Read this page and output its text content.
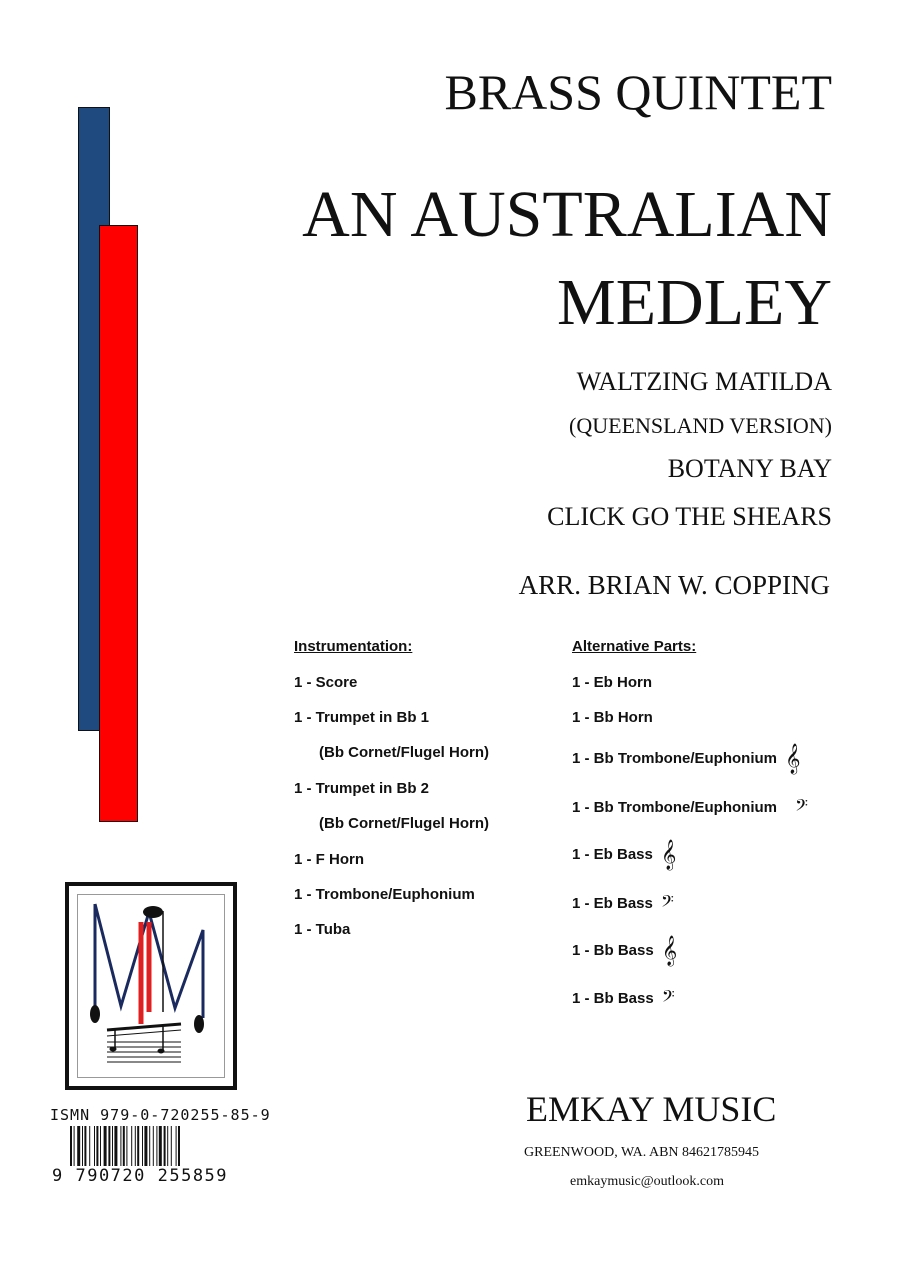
BRASS QUINTET
AN AUSTRALIAN
MEDLEY
WALTZING MATILDA
(QUEENSLAND VERSION)
BOTANY BAY
CLICK GO THE SHEARS
ARR. BRIAN W. COPPING
Instrumentation:
1 - Score
1 - Trumpet in Bb 1
(Bb Cornet/Flugel Horn)
1 - Trumpet in Bb 2
(Bb Cornet/Flugel Horn)
1 - F Horn
1 - Trombone/Euphonium
1 - Tuba
Alternative Parts:
1 - Eb Horn
1 - Bb Horn
1 - Bb Trombone/Euphonium 𝄞
1 - Bb Trombone/Euphonium 𝄢
1 - Eb Bass 𝄞
1 - Eb Bass 𝄢
1 - Bb Bass 𝄞
1 - Bb Bass 𝄢
ISMN 979-0-720255-85-9
9 790720 255859
EMKAY MUSIC
GREENWOOD, WA. ABN 84621785945
emkaymusic@outlook.com
